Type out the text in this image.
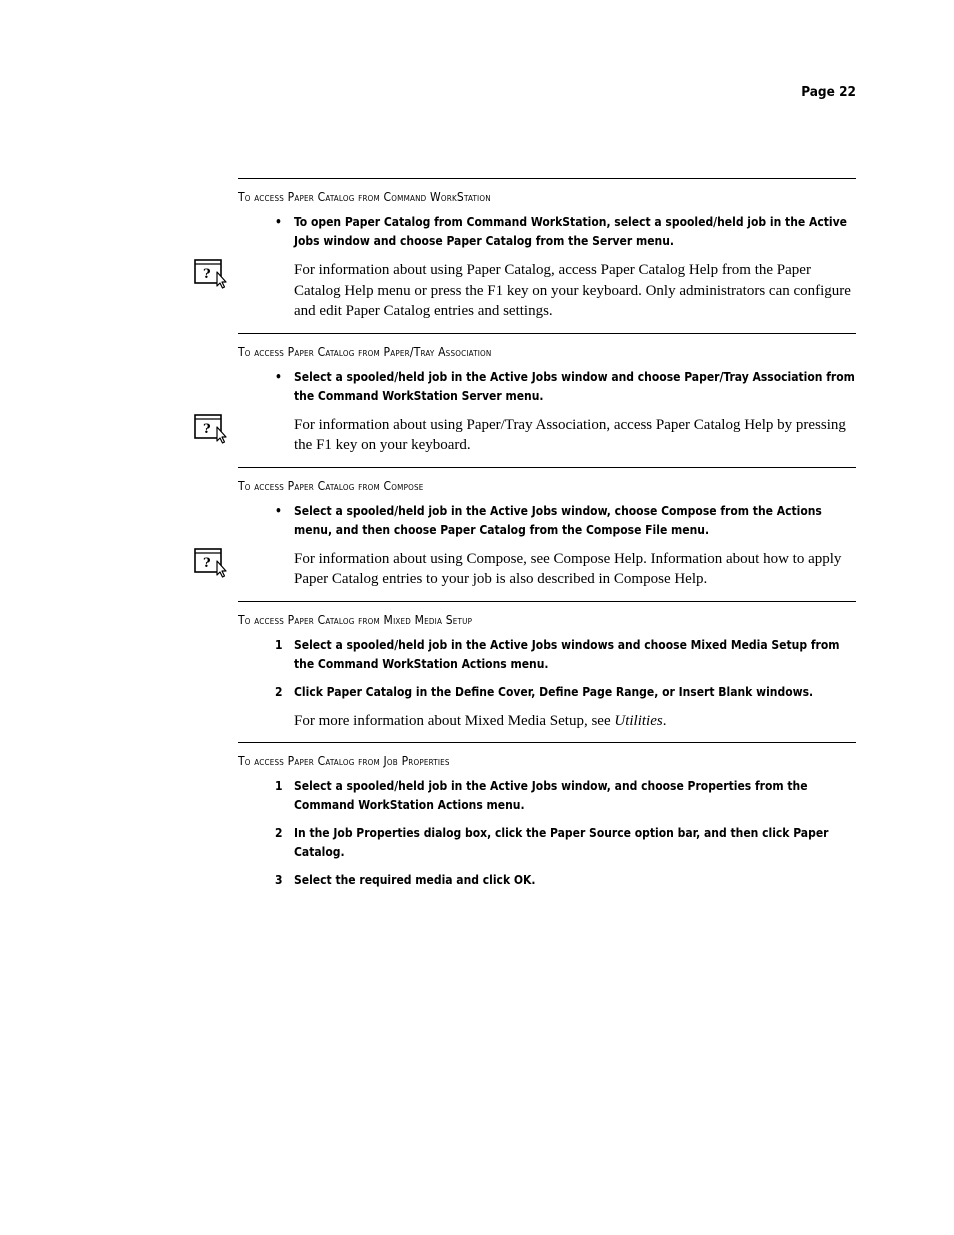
Page 22
To access Paper Catalog from Command WorkStation
• To open Paper Catalog from Command WorkStation, select a spooled/held job in the Active Jobs window and choose Paper Catalog from the Server menu.
?	For information about using Paper Catalog, access Paper Catalog Help from the Paper Catalog Help menu or press the F1 key on your keyboard. Only administrators can configure and edit Paper Catalog entries and settings.
To access Paper Catalog from Paper/Tray Association
• Select a spooled/held job in the Active Jobs window and choose Paper/Tray Association from the Command WorkStation Server menu.
?	For information about using Paper/Tray Association, access Paper Catalog Help by pressing the F1 key on your keyboard.
To access Paper Catalog from Compose
• Select a spooled/held job in the Active Jobs window, choose Compose from the Actions menu, and then choose Paper Catalog from the Compose File menu.
?	For information about using Compose, see Compose Help. Information about how to apply Paper Catalog entries to your job is also described in Compose Help.
To access Paper Catalog from Mixed Media Setup
1 Select a spooled/held job in the Active Jobs windows and choose Mixed Media Setup from the Command WorkStation Actions menu.
2 Click Paper Catalog in the Define Cover, Define Page Range, or Insert Blank windows.

For more information about Mixed Media Setup, see Utilities.

To access Paper Catalog from Job Properties
1 Select a spooled/held job in the Active Jobs window, and choose Properties from the Command WorkStation Actions menu.
2 In the Job Properties dialog box, click the Paper Source option bar, and then click Paper Catalog.
3 Select the required media and click OK.
